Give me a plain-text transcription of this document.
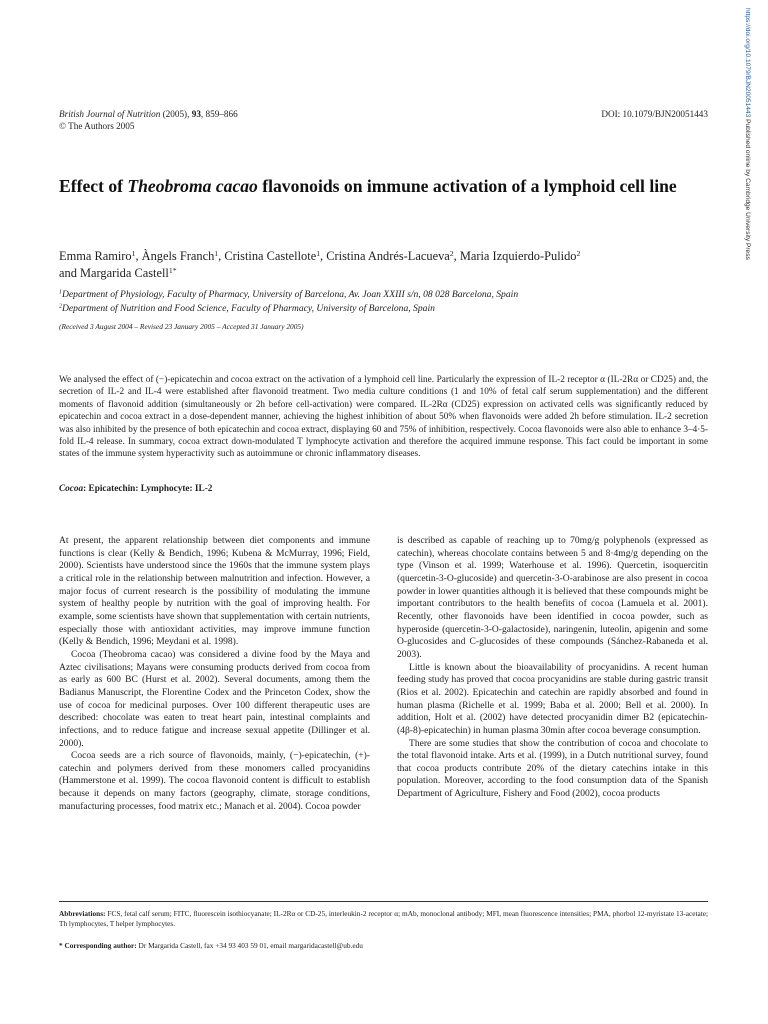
https://doi.org/10.1079/BJN20051443 Published online by Cambridge University Press
British Journal of Nutrition (2005), 93, 859–866
© The Authors 2005
DOI: 10.1079/BJN20051443
Effect of Theobroma cacao flavonoids on immune activation of a lymphoid cell line
Emma Ramiro$^1$, Àngels Franch$^1$, Cristina Castellote$^1$, Cristina Andrés-Lacueva$^2$, Maria Izquierdo-Pulido$^2$
and Margarida Castell$^{1*}$
$^1$Department of Physiology, Faculty of Pharmacy, University of Barcelona, Av. Joan XXIII s/n, 08 028 Barcelona, Spain
$^2$Department of Nutrition and Food Science, Faculty of Pharmacy, University of Barcelona, Spain
(Received 3 August 2004 – Revised 23 January 2005 – Accepted 31 January 2005)
We analysed the effect of (−)-epicatechin and cocoa extract on the activation of a lymphoid cell line. Particularly the expression of IL-2 receptor α (IL-2Rα or CD25) and, the secretion of IL-2 and IL-4 were established after flavonoid treatment. Two media culture conditions (1 and 10% of fetal calf serum supplementation) and the different moments of flavonoid addition (simultaneously or 2h before cell-activation) were compared. IL-2Rα (CD25) expression on activated cells was significantly reduced by epicatechin and cocoa extract in a dose-dependent manner, achieving the highest inhibition of about 50% when flavonoids were added 2h before stimulation. IL-2 secretion was also inhibited by the presence of both epicatechin and cocoa extract, displaying 60 and 75% of inhibition, respectively. Cocoa flavonoids were also able to enhance 3–4·5-fold IL-4 release. In summary, cocoa extract down-modulated T lymphocyte activation and therefore the acquired immune response. This fact could be important in some states of the immune system hyperactivity such as autoimmune or chronic inflammatory diseases.
Cocoa: Epicatechin: Lymphocyte: IL-2

At present, the apparent relationship between diet components and immune functions is clear (Kelly & Bendich, 1996; Kubena & McMurray, 1996; Field, 2000). Scientists have understood since the 1960s that the immune system plays a critical role in the relationship between malnutrition and infection. However, a major focus of current research is the possibility of modulating the immune system of healthy people by nutrition with the goal of improving health. For example, some scientists have shown that supplementation with certain nutrients, especially those with antioxidant activities, may improve immune function (Kelly & Bendich, 1996; Meydani et al. 1998).

Cocoa (Theobroma cacao) was considered a divine food by the Maya and Aztec civilisations; Mayans were consuming products derived from cocoa from as early as 600 BC (Hurst et al. 2002). Several documents, among them the Badianus Manuscript, the Florentine Codex and the Princeton Codex, show the use of cocoa for medicinal purposes. Over 100 different therapeutic uses are described: chocolate was eaten to treat heart pain, intestinal complaints and infections, and to reduce fatigue and increase sexual appetite (Dillinger et al. 2000).

Cocoa seeds are a rich source of flavonoids, mainly, (−)-epicatechin, (+)-catechin and polymers derived from these monomers called procyanidins (Hammerstone et al. 1999). The cocoa flavonoid content is difficult to establish because it depends on many factors (geography, climate, storage conditions, manufacturing processes, food matrix etc.; Manach et al. 2004). Cocoa powder

is described as capable of reaching up to 70mg/g polyphenols (expressed as catechin), whereas chocolate contains between 5 and 8·4mg/g depending on the type (Vinson et al. 1999; Waterhouse et al. 1996). Quercetin, isoquercitin (quercetin-3-O-glucoside) and quercetin-3-O-arabinose are also present in cocoa powder in lower quantities although it is believed that these compounds might be important contributors to the health benefits of cocoa (Lamuela et al. 2001). Recently, other flavonoids have been identified in cocoa powder, such as hyperoside (quercetin-3-O-galactoside), naringenin, luteolin, apigenin and some O-glucosides and C-glucosides of these compounds (Sánchez-Rabaneda et al. 2003).

Little is known about the bioavailability of procyanidins. A recent human feeding study has proved that cocoa procyanidins are stable during gastric transit (Rios et al. 2002). Epicatechin and catechin are rapidly absorbed and found in human plasma (Richelle et al. 1999; Baba et al. 2000; Bell et al. 2000). In addition, Holt et al. (2002) have detected procyanidin dimer B2 (epicatechin-(4β-8)-epicatechin) in human plasma 30min after cocoa beverage consumption.

There are some studies that show the contribution of cocoa and chocolate to the total flavonoid intake. Arts et al. (1999), in a Dutch nutritional survey, found that cocoa products contribute 20% of the dietary catechins intake in this population. Moreover, according to the food consumption data of the Spanish Department of Agriculture, Fishery and Food (2002), cocoa products

Abbreviations: FCS, fetal calf serum; FITC, fluorescein isothiocyanate; IL-2Rα or CD-25, interleukin-2 receptor α; mAb, monoclonal antibody; MFI, mean fluorescence intensities; PMA, phorbol 12-myristate 13-acetate; Th lymphocytes, T helper lymphocytes.
* Corresponding author: Dr Margarida Castell, fax +34 93 403 59 01, email margaridacastell@ub.edu
